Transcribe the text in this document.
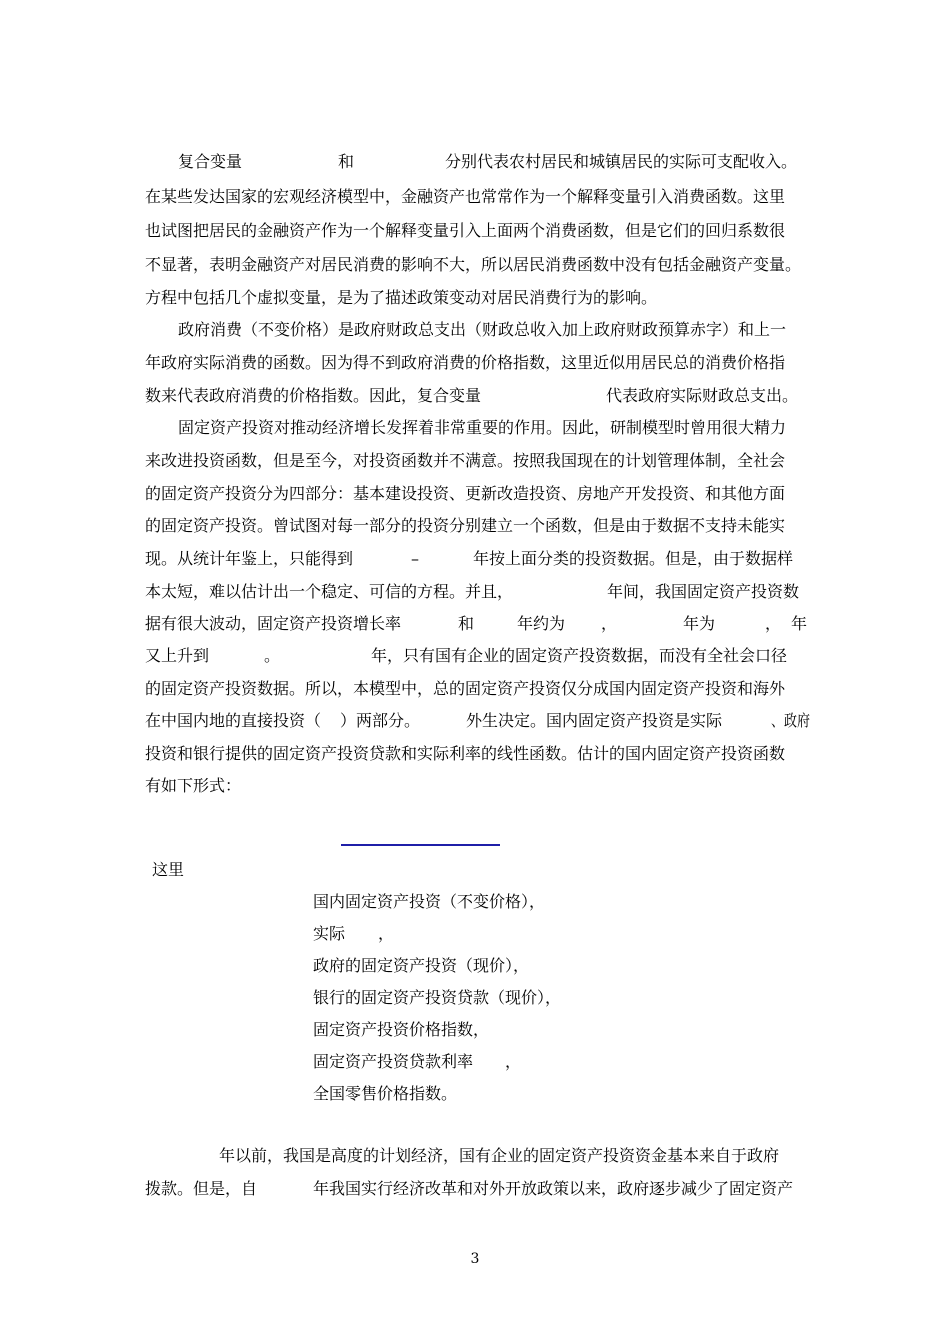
复合变量	和	分别代表农村居民和城镇居民的实际可支配收入。
在某些发达国家的宏观经济模型中，金融资产也常常作为一个解释变量引入消费函数。这里
也试图把居民的金融资产作为一个解释变量引入上面两个消费函数，但是它们的回归系数很
不显著，表明金融资产对居民消费的影响不大，所以居民消费函数中没有包括金融资产变量。
方程中包括几个虚拟变量，是为了描述政策变动对居民消费行为的影响。
政府消费（不变价格）是政府财政总支出（财政总收入加上政府财政预算赤字）和上一
年政府实际消费的函数。因为得不到政府消费的价格指数，这里近似用居民总的消费价格指
数来代表政府消费的价格指数。因此，复合变量	代表政府实际财政总支出。
固定资产投资对推动经济增长发挥着非常重要的作用。因此，研制模型时曾用很大精力
来改进投资函数，但是至今，对投资函数并不满意。按照我国现在的计划管理体制，全社会
的固定资产投资分为四部分：基本建设投资、更新改造投资、房地产开发投资、和其他方面
的固定资产投资。曾试图对每一部分的投资分别建立一个函数，但是由于数据不支持未能实
现。从统计年鉴上，只能得到	–	年按上面分类的投资数据。但是，由于数据样
本太短，难以估计出一个稳定、可信的方程。并且，	年间，我国固定资产投资数
据有很大波动，固定资产投资增长率	和	年约为 ，	年为	， 年
又上升到	。	年，只有国有企业的固定资产投资数据，而没有全社会口径
的固定资产投资数据。所以，本模型中，总的固定资产投资仅分成国内固定资产投资和海外
在中国内地的直接投资（ ）两部分。	外生决定。国内固定资产投资是实际	、政府
投资和银行提供的固定资产投资贷款和实际利率的线性函数。估计的国内固定资产投资函数
有如下形式：
这里
国内固定资产投资（不变价格），
实际 ，
政府的固定资产投资（现价），
银行的固定资产投资贷款（现价），
固定资产投资价格指数，
固定资产投资贷款利率 ，
全国零售价格指数。
年以前，我国是高度的计划经济，国有企业的固定资产投资资金基本来自于政府
拨款。但是，自	年我国实行经济改革和对外开放政策以来，政府逐步减少了固定资产
3
